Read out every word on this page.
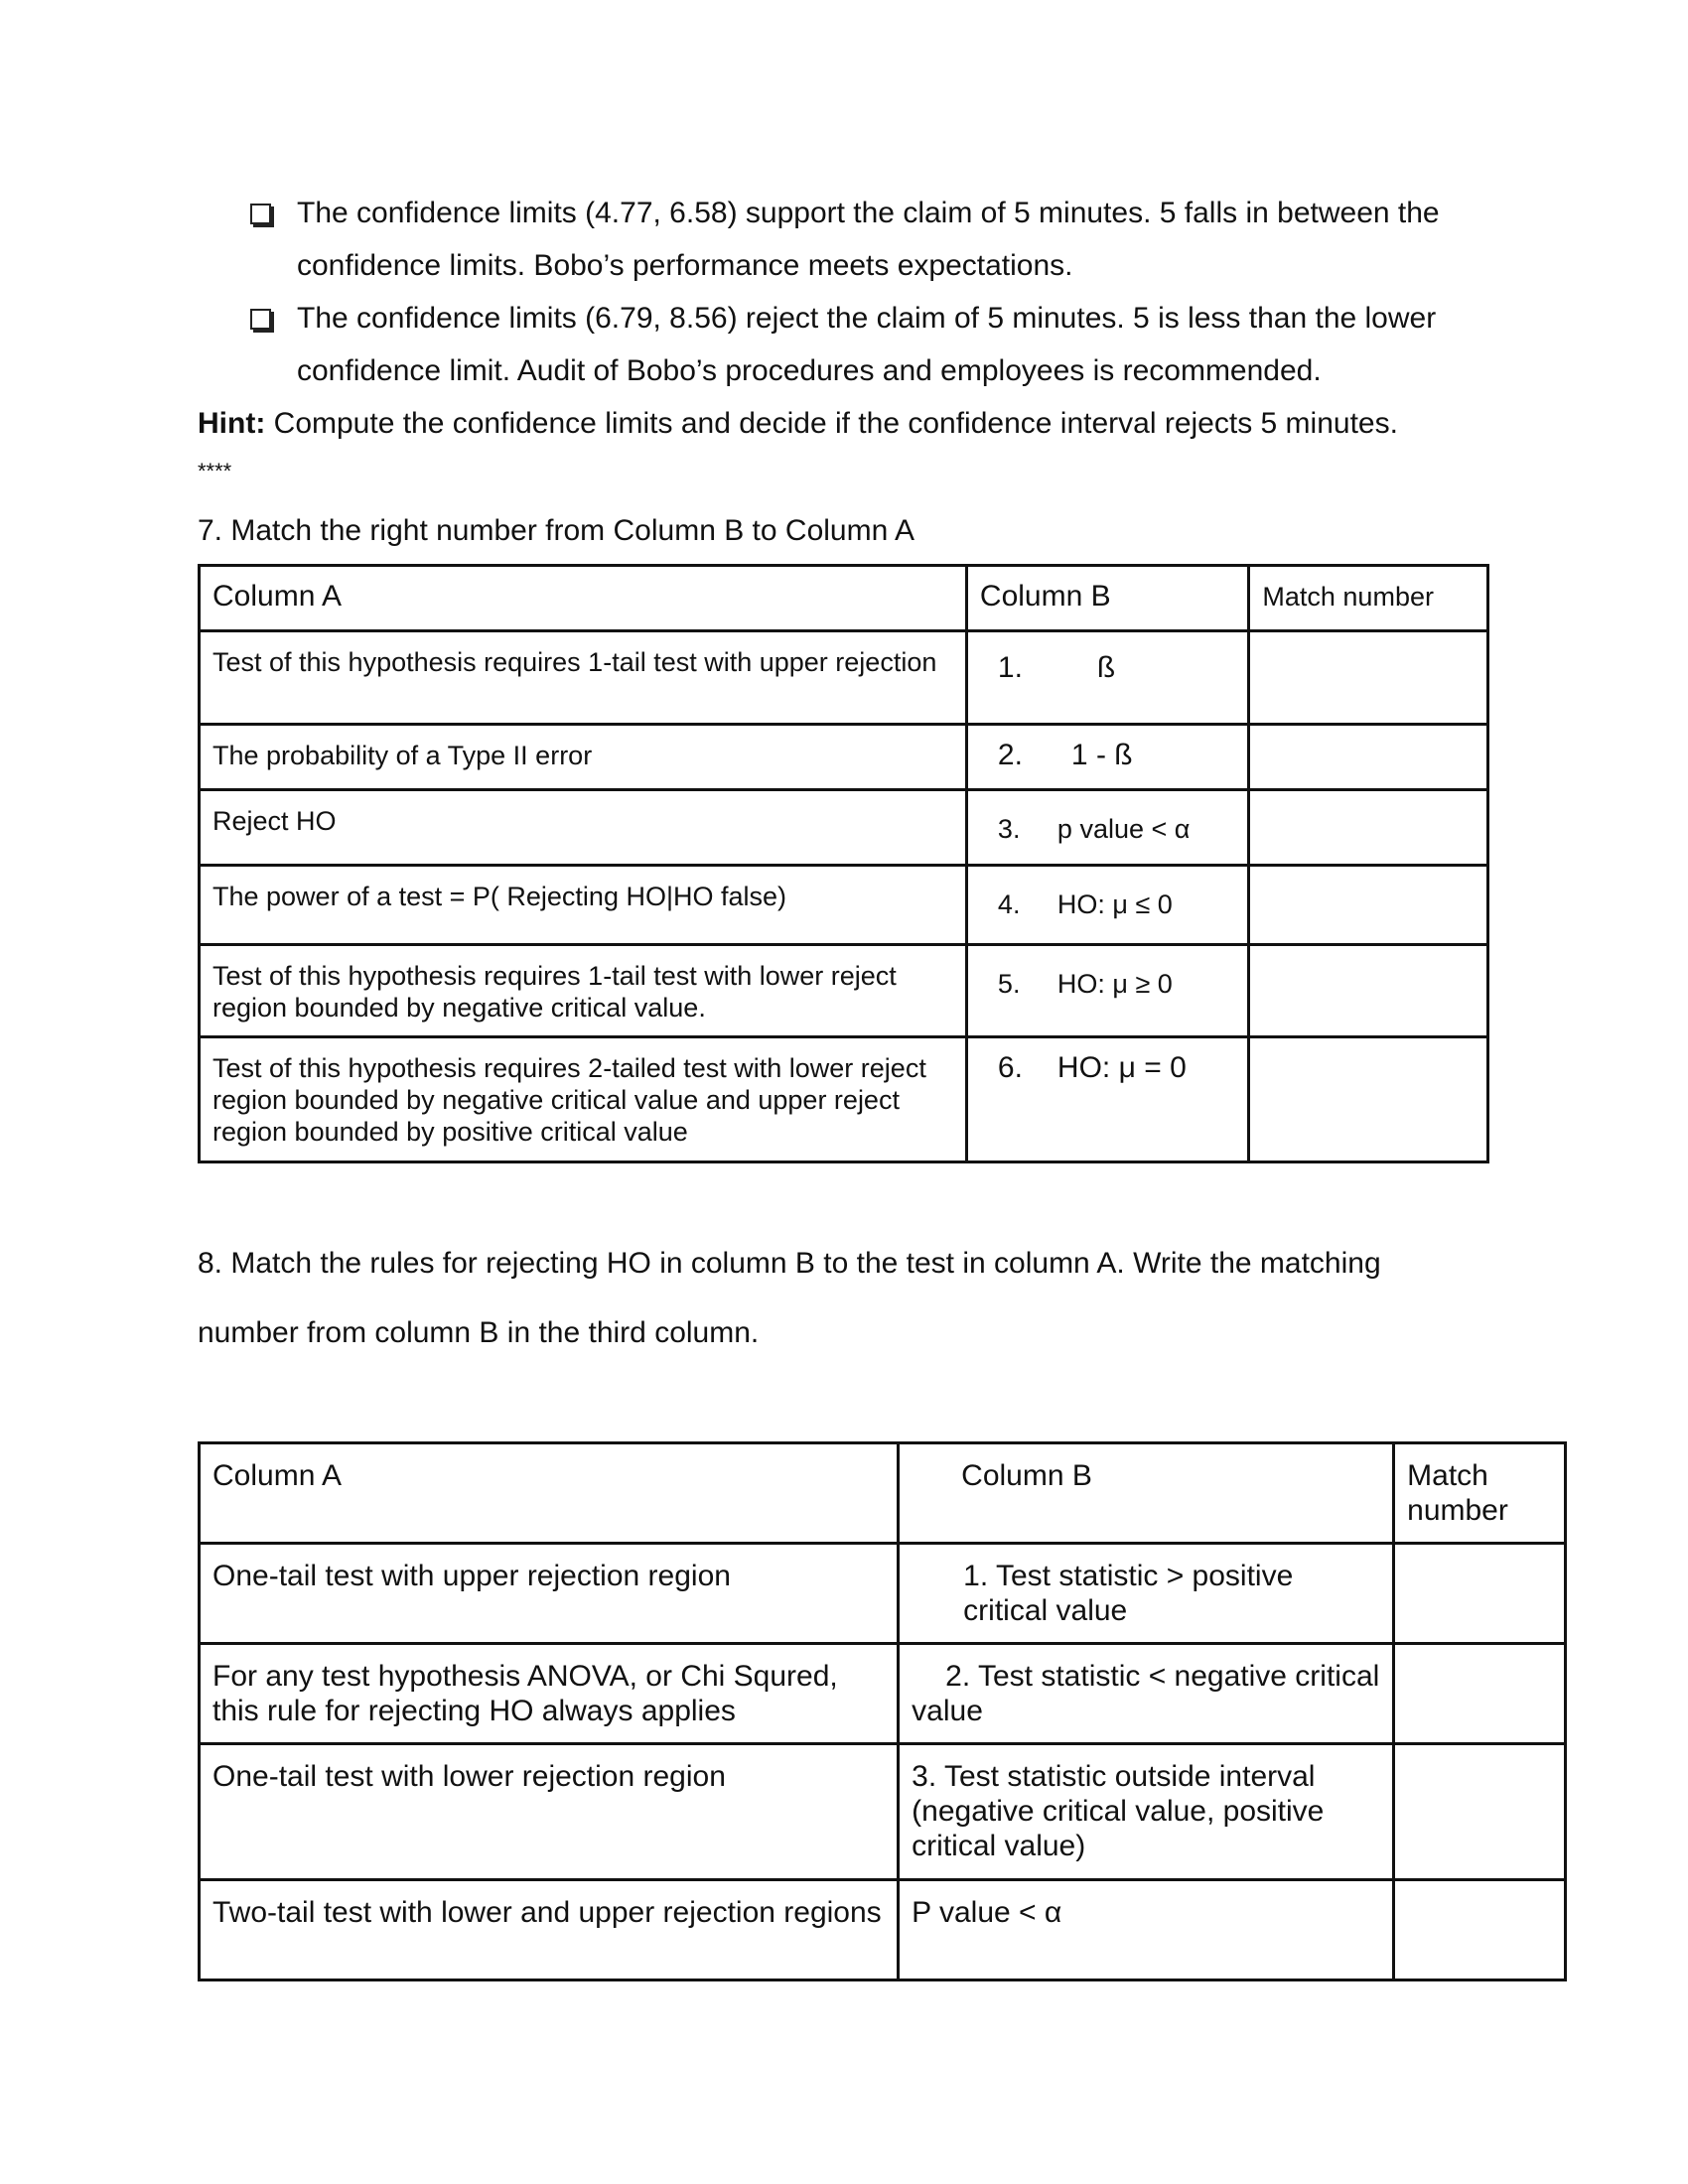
The confidence limits (4.77, 6.58) support the claim of 5 minutes. 5 falls in between the
confidence limits. Bobo’s performance meets expectations.
The confidence limits (6.79, 8.56) reject the claim of 5 minutes. 5 is less than the lower
confidence limit. Audit of Bobo’s procedures and employees is recommended.
Hint: Compute the confidence limits and decide if the confidence interval rejects 5 minutes.
****
7. Match the right number from Column B to Column A
Column A	Column B	Match number
Test of this hypothesis requires 1-tail test with upper rejection	1. ß	
The probability of a Type II error	2. 1 - ß	
Reject HO	3. p value < α	
The power of a test = P( Rejecting HO|HO false)	4. HO: μ ≤ 0	
Test of this hypothesis requires 1-tail test with lower reject region bounded by negative critical value.	5. HO: μ ≥ 0	
Test of this hypothesis requires 2-tailed test with lower reject region bounded by negative critical value and upper reject region bounded by positive critical value	6. HO: μ = 0	
8. Match the rules for rejecting HO in column B to the test in column A. Write the matching
number from column B in the third column.
Column A	Column B	Match number
One-tail test with upper rejection region	1. Test statistic > positive critical value	
For any test hypothesis ANOVA, or Chi Squred, this rule for rejecting HO always applies	2. Test statistic < negative critical value	
One-tail test with lower rejection region	3. Test statistic outside interval (negative critical value, positive critical value)	
Two-tail test with lower and upper rejection regions	P value < α	
